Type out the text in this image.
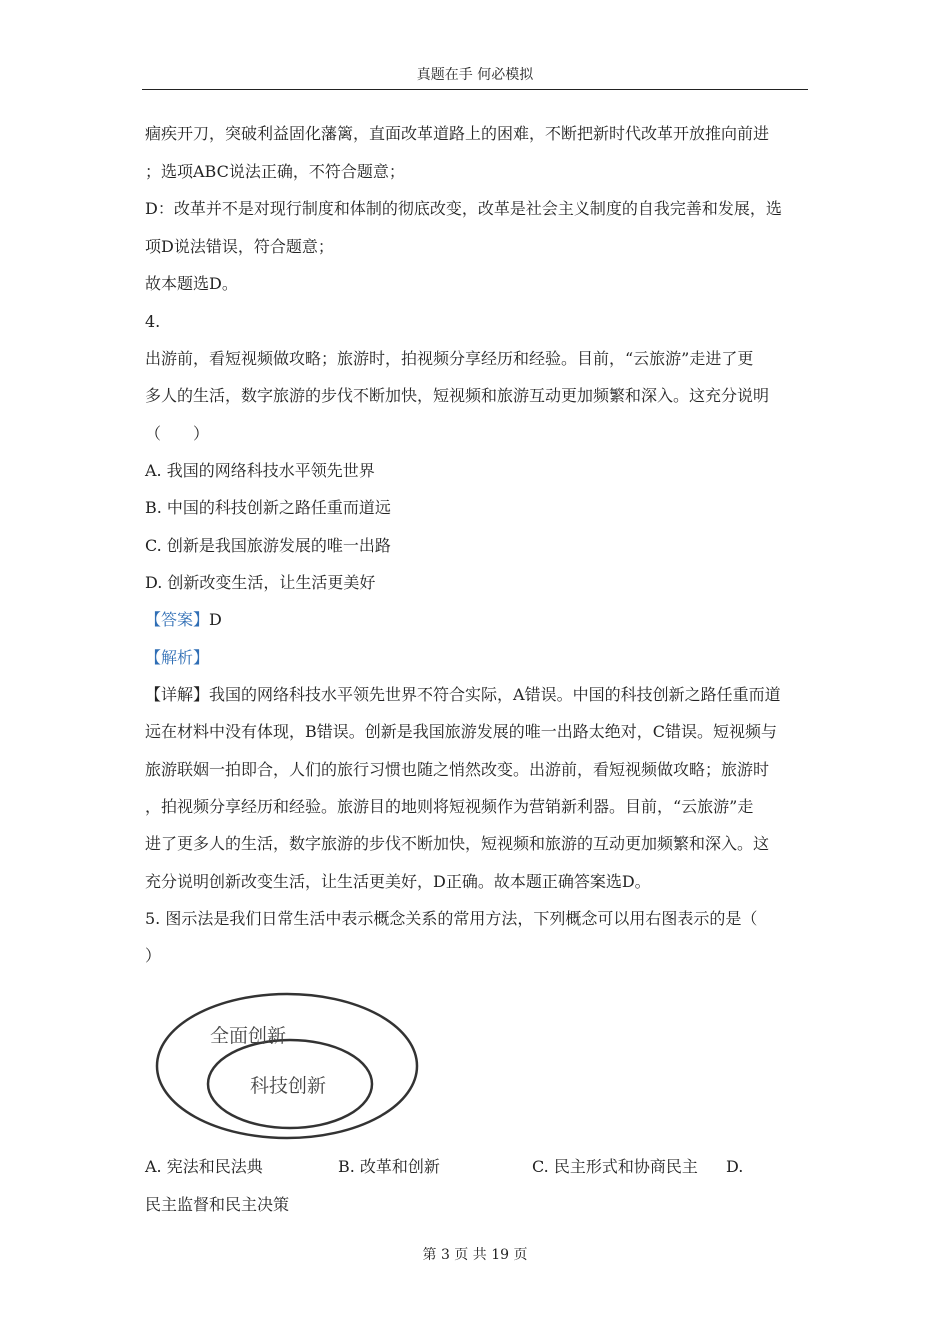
真题在手 何必模拟
痼疾开刀，突破利益固化藩篱，直面改革道路上的困难，不断把新时代改革开放推向前进
；选项ABC说法正确，不符合题意；
D：改革并不是对现行制度和体制的彻底改变，改革是社会主义制度的自我完善和发展，选
项D说法错误，符合题意；
故本题选D。
4.
出游前，看短视频做攻略；旅游时，拍视频分享经历和经验。目前，“云旅游”走进了更
多人的生活，数字旅游的步伐不断加快，短视频和旅游互动更加频繁和深入。这充分说明
（　　）
A. 我国的网络科技水平领先世界
B. 中国的科技创新之路任重而道远
C. 创新是我国旅游发展的唯一出路
D. 创新改变生活，让生活更美好
【答案】D
【解析】
【详解】我国的网络科技水平领先世界不符合实际，A错误。中国的科技创新之路任重而道
远在材料中没有体现，B错误。创新是我国旅游发展的唯一出路太绝对，C错误。短视频与
旅游联姻一拍即合，人们的旅行习惯也随之悄然改变。出游前，看短视频做攻略；旅游时
，拍视频分享经历和经验。旅游目的地则将短视频作为营销新利器。目前，“云旅游”走
进了更多人的生活，数字旅游的步伐不断加快，短视频和旅游的互动更加频繁和深入。这
充分说明创新改变生活，让生活更美好，D正确。故本题正确答案选D。
5. 图示法是我们日常生活中表示概念关系的常用方法，下列概念可以用右图表示的是（
）
全面创新
科技创新
A. 宪法和民法典	B. 改革和创新	C. 民主形式和协商民主 D.
民主监督和民主决策
第 3 页 共 19 页
